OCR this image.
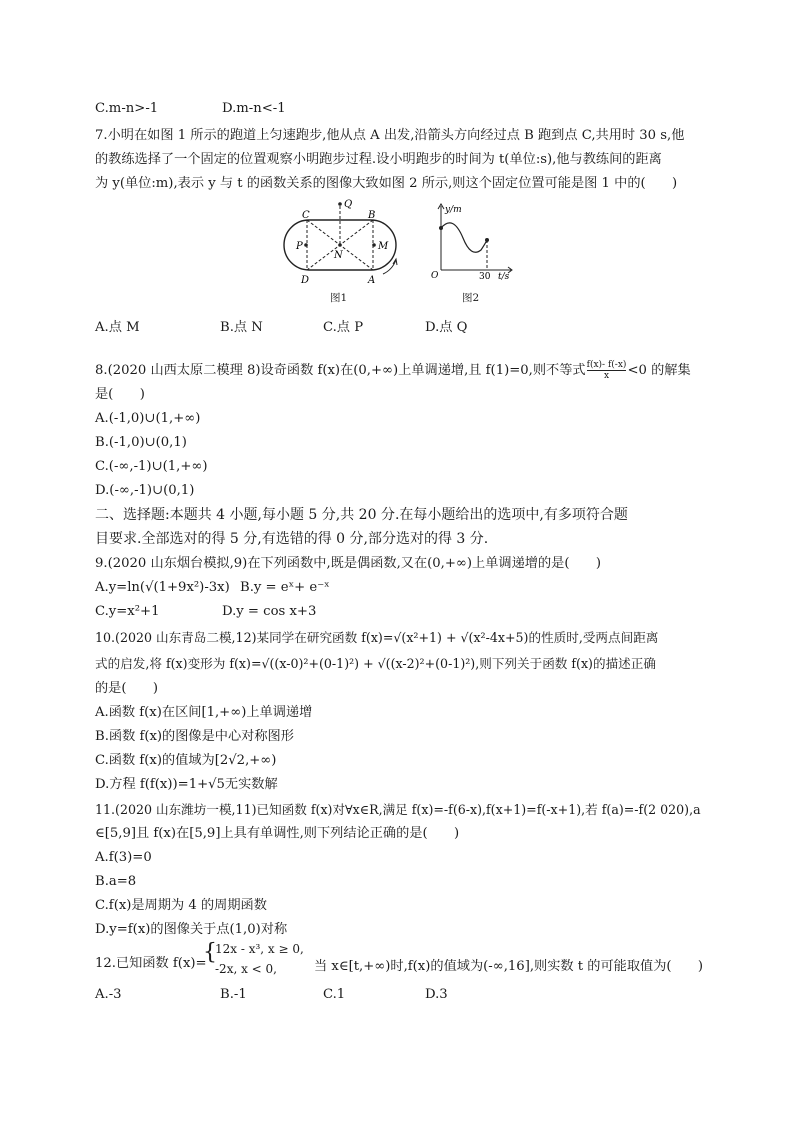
C.m-n>-1	D.m-n<-1
7.小明在如图 1 所示的跑道上匀速跑步,他从点 A 出发,沿箭头方向经过点 B 跑到点 C,共用时 30 s,他
的教练选择了一个固定的位置观察小明跑步过程.设小明跑步的时间为 t(单位:s),他与教练间的距离
为 y(单位:m),表示 y 与 t 的函数关系的图像大致如图 2 所示,则这个固定位置可能是图 1 中的(　　)
C	B
Q
P	M
N
D	A
图1
y/m
O	30 t/s
图2
A.点 M	B.点 N	C.点 P	D.点 Q
8.(2020 山西太原二模理 8)设奇函数 f(x)在(0,+∞)上单调递增,且 f(1)=0,则不等式 $\frac{f(x)- f(-x)}{x} <0$ 的解集
是(　　)
A.(-1,0)∪(1,+∞)
B.(-1,0)∪(0,1)
C.(-∞,-1)∪(1,+∞)
D.(-∞,-1)∪(0,1)
二、选择题:本题共 4 小题,每小题 5 分,共 20 分.在每小题给出的选项中,有多项符合题
目要求.全部选对的得 5 分,有选错的得 0 分,部分选对的得 3 分.
9.(2020 山东烟台模拟,9)在下列函数中,既是偶函数,又在(0,+∞)上单调递增的是(　　)
A.y=ln(√(1+9x²)-3x) B.y = eˣ+ e⁻ˣ
C.y=x²+1	D.y = cos x+3
10.(2020 山东青岛二模,12)某同学在研究函数 f(x)=√(x²+1) + √(x²-4x+5)的性质时,受两点间距离
式的启发,将 f(x)变形为 f(x)=√((x-0)²+(0-1)²) + √((x-2)²+(0-1)²),则下列关于函数 f(x)的描述正确
的是(　　)
A.函数 f(x)在区间[1,+∞)上单调递增
B.函数 f(x)的图像是中心对称图形
C.函数 f(x)的值域为[2√2,+∞)
D.方程 f(f(x))=1+√5无实数解
11.(2020 山东潍坊一模,11)已知函数 f(x)对∀x∈R,满足 f(x)=-f(6-x),f(x+1)=f(-x+1),若 f(a)=-f(2 020),a
∈[5,9]且 f(x)在[5,9]上具有单调性,则下列结论正确的是(　　)
A.f(3)=0
B.a=8
C.f(x)是周期为 4 的周期函数
D.y=f(x)的图像关于点(1,0)对称
12.已知函数 f(x)=
{
12x - x³, x ≥ 0,
-2x, x < 0,	当 x∈[t,+∞)时,f(x)的值域为(-∞,16],则实数 t 的可能取值为(　　)
A.-3	B.-1	C.1	D.3
